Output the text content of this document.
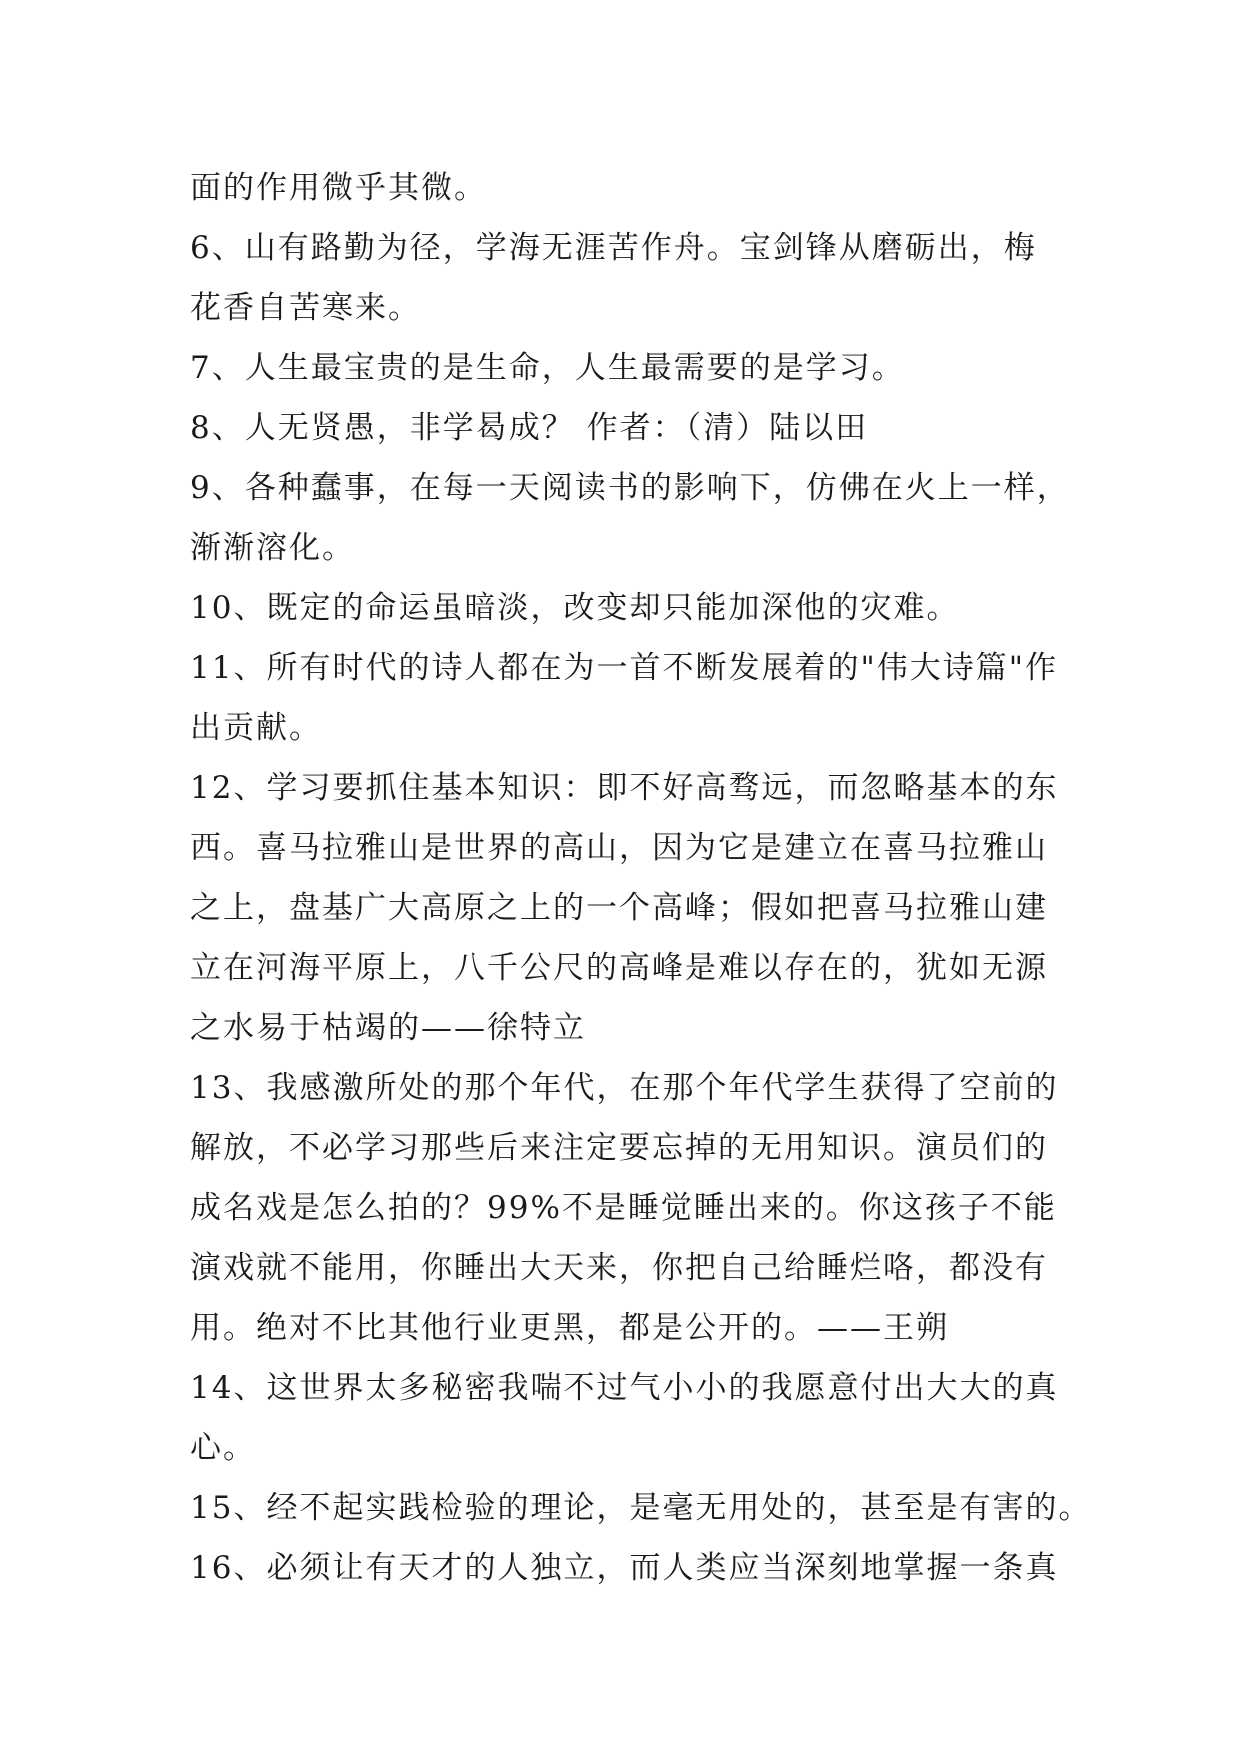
面的作用微乎其微。
6、山有路勤为径，学海无涯苦作舟。宝剑锋从磨砺出，梅
花香自苦寒来。
7、人生最宝贵的是生命，人生最需要的是学习。
8、人无贤愚，非学曷成？ 作者：（清）陆以田
9、各种蠢事，在每一天阅读书的影响下，仿佛在火上一样，
渐渐溶化。
10、既定的命运虽暗淡，改变却只能加深他的灾难。
11、所有时代的诗人都在为一首不断发展着的"伟大诗篇"作
出贡献。
12、学习要抓住基本知识：即不好高骛远，而忽略基本的东
西。喜马拉雅山是世界的高山，因为它是建立在喜马拉雅山
之上，盘基广大高原之上的一个高峰；假如把喜马拉雅山建
立在河海平原上，八千公尺的高峰是难以存在的，犹如无源
之水易于枯竭的——徐特立
13、我感激所处的那个年代，在那个年代学生获得了空前的
解放，不必学习那些后来注定要忘掉的无用知识。演员们的
成名戏是怎么拍的？99%不是睡觉睡出来的。你这孩子不能
演戏就不能用，你睡出大天来，你把自己给睡烂咯，都没有
用。绝对不比其他行业更黑，都是公开的。——王朔
14、这世界太多秘密我喘不过气小小的我愿意付出大大的真
心。
15、经不起实践检验的理论，是毫无用处的，甚至是有害的。
16、必须让有天才的人独立，而人类应当深刻地掌握一条真
